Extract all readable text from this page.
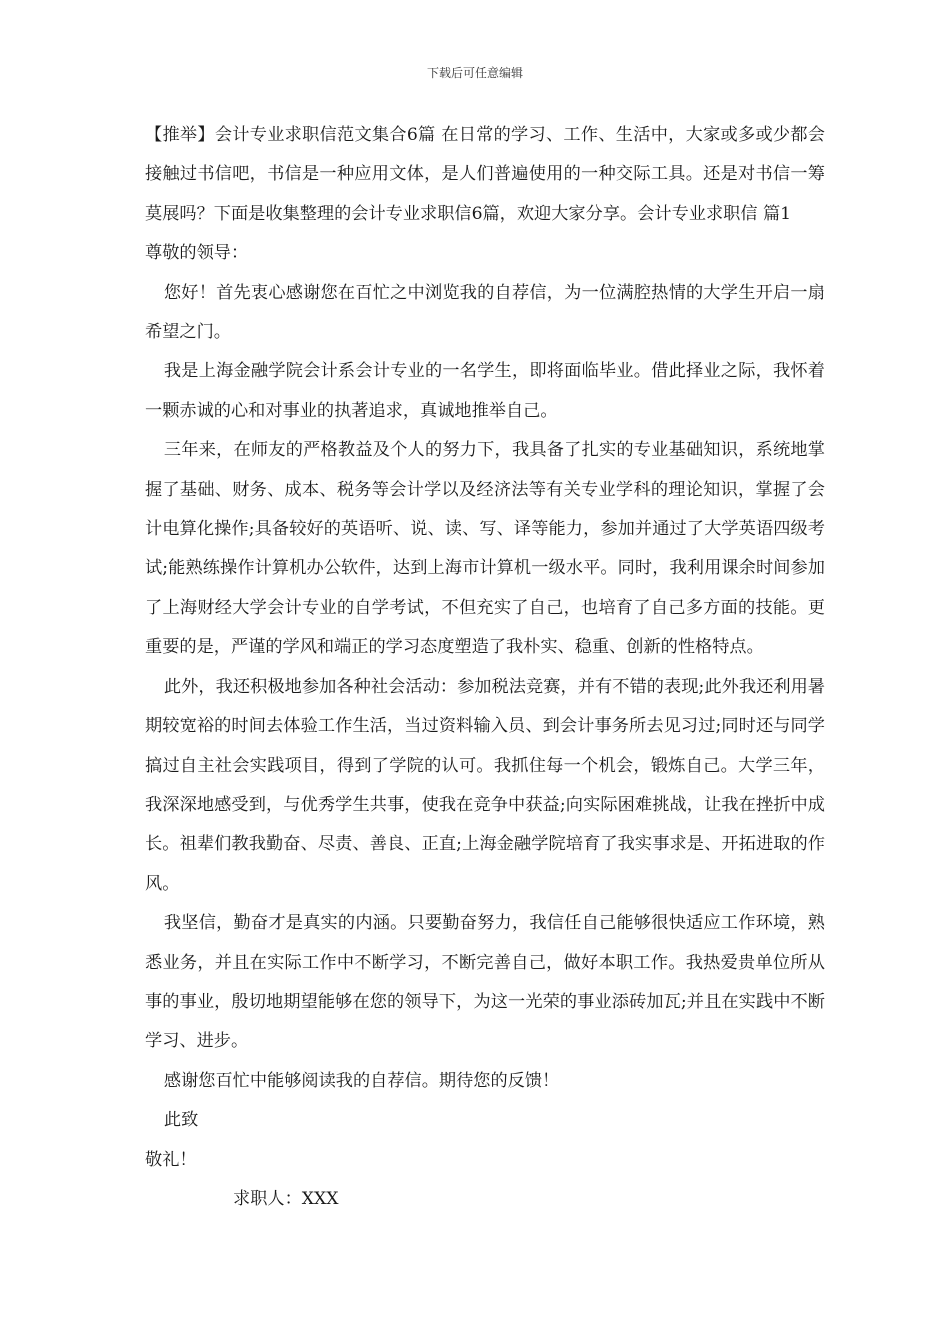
下载后可任意编辑

【推举】会计专业求职信范文集合6篇 在日常的学习、工作、生活中，大家或多或少都会接触过书信吧，书信是一种应用文体，是人们普遍使用的一种交际工具。还是对书信一筹莫展吗？下面是收集整理的会计专业求职信6篇，欢迎大家分享。会计专业求职信 篇1

尊敬的领导：

您好！首先衷心感谢您在百忙之中浏览我的自荐信，为一位满腔热情的大学生开启一扇希望之门。

我是上海金融学院会计系会计专业的一名学生，即将面临毕业。借此择业之际，我怀着一颗赤诚的心和对事业的执著追求，真诚地推举自己。

三年来，在师友的严格教益及个人的努力下，我具备了扎实的专业基础知识，系统地掌握了基础、财务、成本、税务等会计学以及经济法等有关专业学科的理论知识，掌握了会计电算化操作;具备较好的英语听、说、读、写、译等能力，参加并通过了大学英语四级考试;能熟练操作计算机办公软件，达到上海市计算机一级水平。同时，我利用课余时间参加了上海财经大学会计专业的自学考试，不但充实了自己，也培育了自己多方面的技能。更重要的是，严谨的学风和端正的学习态度塑造了我朴实、稳重、创新的性格特点。

此外，我还积极地参加各种社会活动：参加税法竞赛，并有不错的表现;此外我还利用暑期较宽裕的时间去体验工作生活，当过资料输入员、到会计事务所去见习过;同时还与同学搞过自主社会实践项目，得到了学院的认可。我抓住每一个机会，锻炼自己。大学三年，我深深地感受到，与优秀学生共事，使我在竞争中获益;向实际困难挑战，让我在挫折中成长。祖辈们教我勤奋、尽责、善良、正直;上海金融学院培育了我实事求是、开拓进取的作风。

我坚信，勤奋才是真实的内涵。只要勤奋努力，我信任自己能够很快适应工作环境，熟悉业务，并且在实际工作中不断学习，不断完善自己，做好本职工作。我热爱贵单位所从事的事业，殷切地期望能够在您的领导下，为这一光荣的事业添砖加瓦;并且在实践中不断学习、进步。

感谢您百忙中能够阅读我的自荐信。期待您的反馈！

此致

敬礼！

求职人：XXX
